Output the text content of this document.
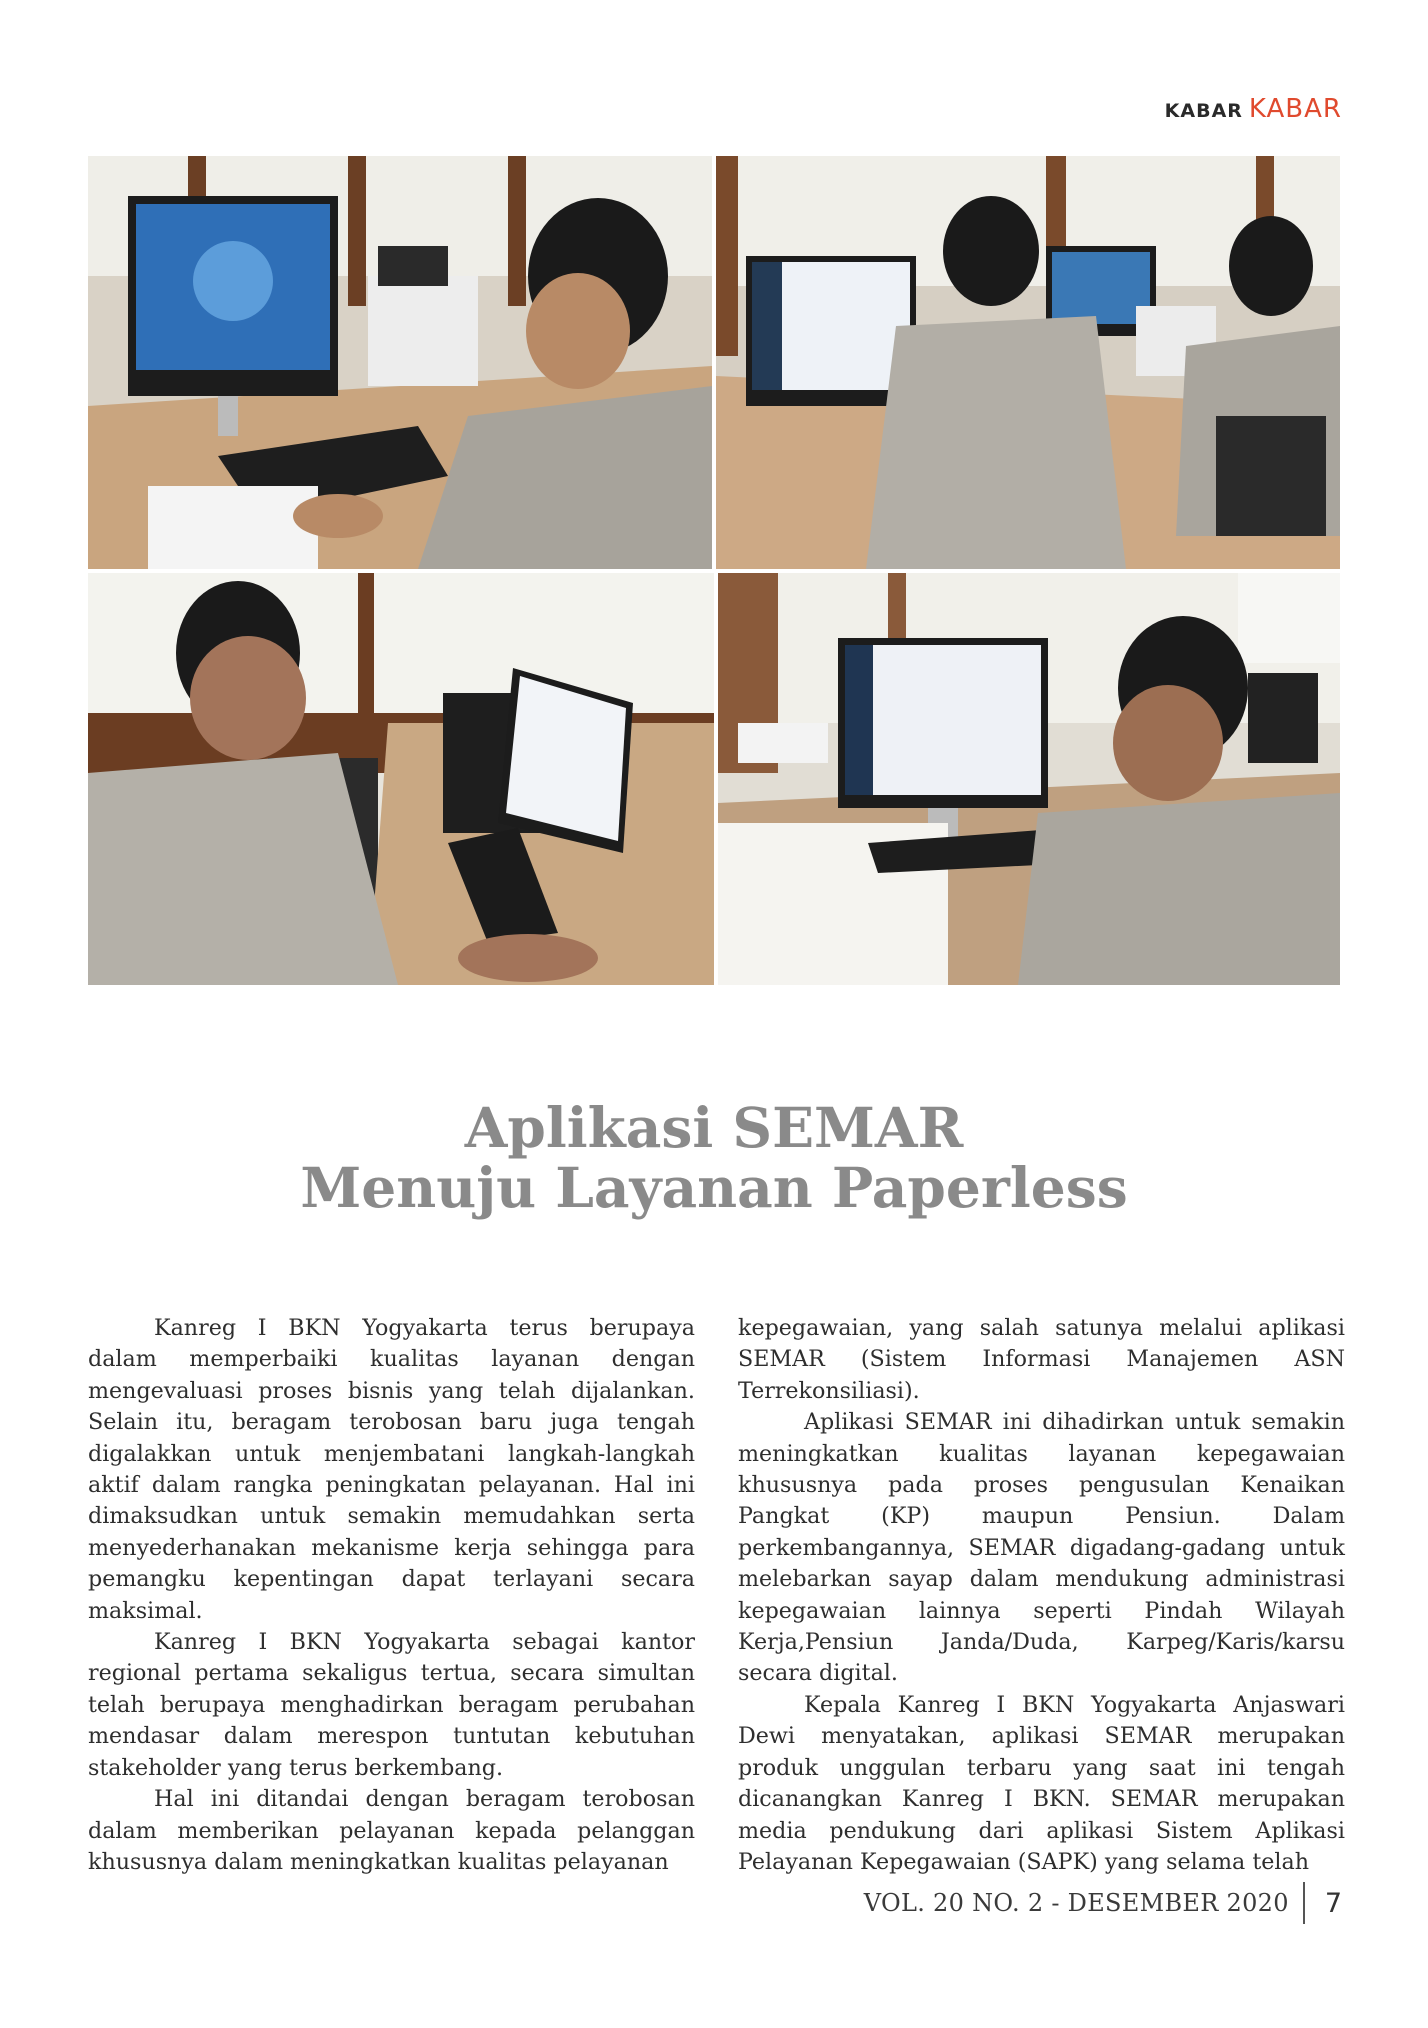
KABAR KABAR
Aplikasi SEMAR
Menuju Layanan Paperless

Kanreg I BKN Yogyakarta terus berupaya dalam memperbaiki kualitas layanan dengan mengevaluasi proses bisnis yang telah dijalankan. Selain itu, beragam terobosan baru juga tengah digalakkan untuk menjembatani langkah-langkah aktif dalam rangka peningkatan pelayanan. Hal ini dimaksudkan untuk semakin memudahkan serta menyederhanakan mekanisme kerja sehingga para pemangku kepentingan dapat terlayani secara maksimal.

Kanreg I BKN Yogyakarta sebagai kantor regional pertama sekaligus tertua, secara simultan telah berupaya menghadirkan beragam perubahan mendasar dalam merespon tuntutan kebutuhan stakeholder yang terus berkembang.

Hal ini ditandai dengan beragam terobosan dalam memberikan pelayanan kepada pelanggan khususnya dalam meningkatkan kualitas pelayanan

kepegawaian, yang salah satunya melalui aplikasi SEMAR (Sistem Informasi Manajemen ASN Terrekonsiliasi).

Aplikasi SEMAR ini dihadirkan untuk semakin meningkatkan kualitas layanan kepegawaian khususnya pada proses pengusulan Kenaikan Pangkat (KP) maupun Pensiun. Dalam perkembangannya, SEMAR digadang-gadang untuk melebarkan sayap dalam mendukung administrasi kepegawaian lainnya seperti Pindah Wilayah Kerja,Pensiun Janda/Duda, Karpeg/Karis/karsu secara digital.

Kepala Kanreg I BKN Yogyakarta Anjaswari Dewi menyatakan, aplikasi SEMAR merupakan produk unggulan terbaru yang saat ini tengah dicanangkan Kanreg I BKN. SEMAR merupakan media pendukung dari aplikasi Sistem Aplikasi Pelayanan Kepegawaian (SAPK) yang selama telah

VOL. 20 NO. 2 - DESEMBER 2020 7
